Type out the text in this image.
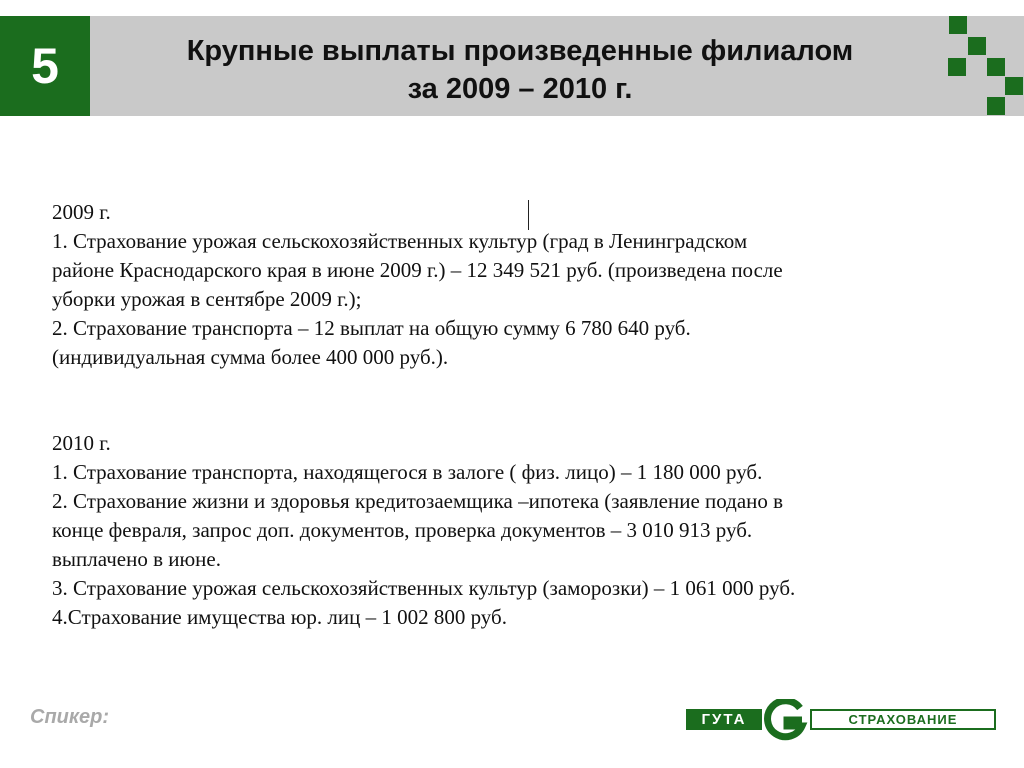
5	Крупные выплаты произведенные филиалом
за 2009 – 2010 г.

2009 г.

1. Страхование урожая сельскохозяйственных культур (град в Ленинградском

районе Краснодарского края в июне 2009 г.) – 12 349 521 руб. (произведена после

уборки урожая в сентябре 2009 г.);

2. Страхование транспорта – 12 выплат на общую сумму 6 780 640 руб.

(индивидуальная сумма более 400 000 руб.).

2010 г.

1. Страхование транспорта, находящегося в залоге ( физ. лицо) – 1 180 000 руб.

2. Страхование жизни и здоровья кредитозаемщика –ипотека (заявление подано в

конце февраля, запрос доп. документов, проверка документов – 3 010 913 руб.

выплачено в июне.

3. Страхование урожая сельскохозяйственных культур (заморозки) – 1 061 000 руб.

4.Страхование имущества юр. лиц – 1 002 800 руб.

Спикер:	ГУТА	СТРАХОВАНИЕ
